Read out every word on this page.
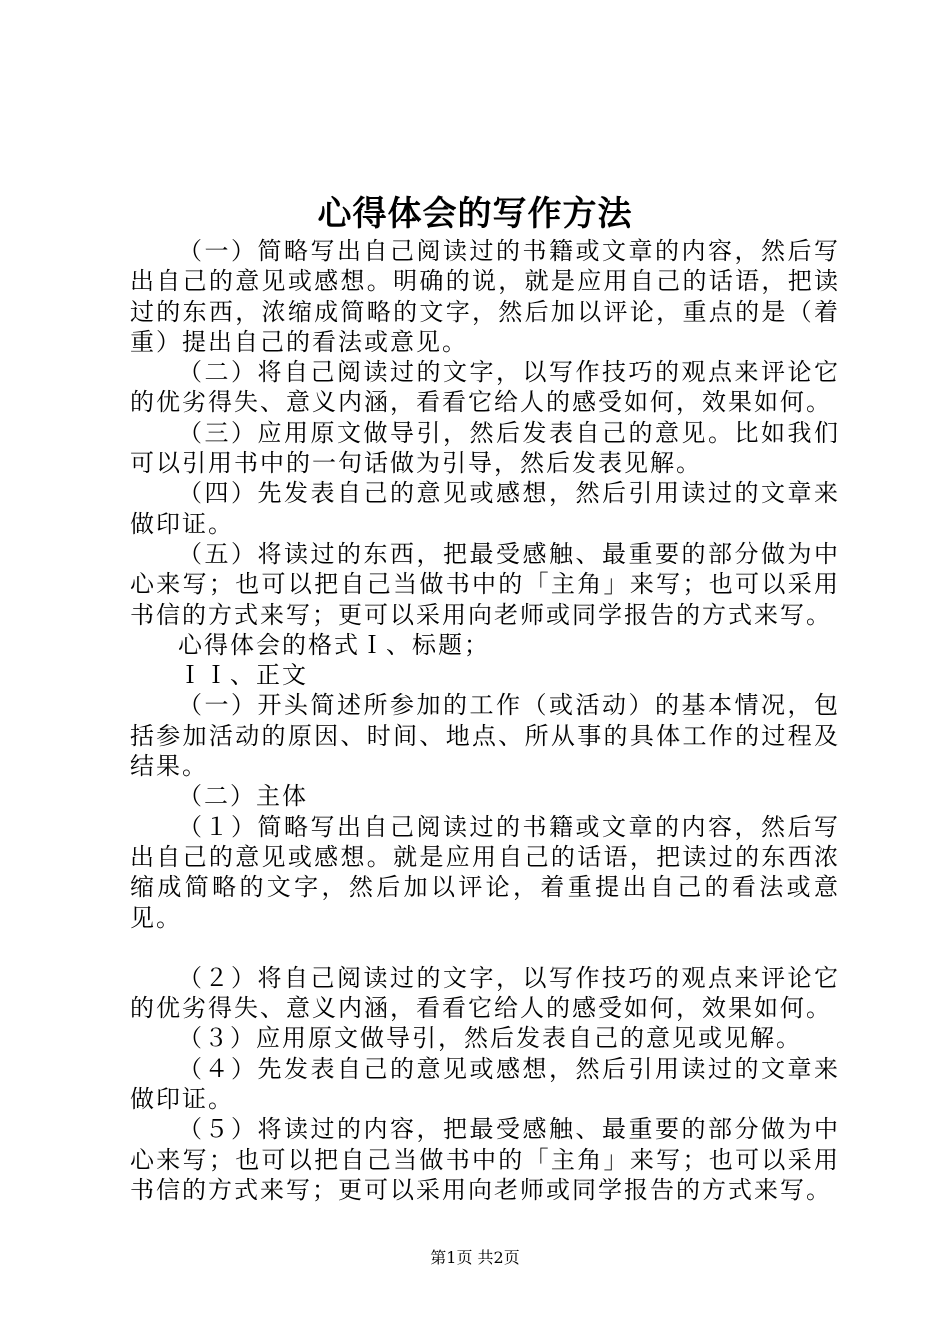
心得体会的写作方法

（一）简略写出自己阅读过的书籍或文章的内容，然后写出自己的意见或感想。明确的说，就是应用自己的话语，把读过的东西，浓缩成简略的文字，然后加以评论，重点的是（着重）提出自己的看法或意见。

（二）将自己阅读过的文字，以写作技巧的观点来评论它的优劣得失、意义内涵，看看它给人的感受如何，效果如何。

（三）应用原文做导引，然后发表自己的意见。比如我们可以引用书中的一句话做为引导，然后发表见解。

（四）先发表自己的意见或感想，然后引用读过的文章来做印证。

（五）将读过的东西，把最受感触、最重要的部分做为中心来写；也可以把自己当做书中的「主角」来写；也可以采用书信的方式来写；更可以采用向老师或同学报告的方式来写。

心得体会的格式Ｉ、标题；

ＩＩ、正文

（一）开头简述所参加的工作（或活动）的基本情况，包括参加活动的原因、时间、地点、所从事的具体工作的过程及结果。

（二）主体

（１）简略写出自己阅读过的书籍或文章的内容，然后写出自己的意见或感想。就是应用自己的话语，把读过的东西浓缩成简略的文字，然后加以评论，着重提出自己的看法或意见。

（２）将自己阅读过的文字，以写作技巧的观点来评论它的优劣得失、意义内涵，看看它给人的感受如何，效果如何。

（３）应用原文做导引，然后发表自己的意见或见解。

（４）先发表自己的意见或感想，然后引用读过的文章来做印证。

（５）将读过的内容，把最受感触、最重要的部分做为中心来写；也可以把自己当做书中的「主角」来写；也可以采用书信的方式来写；更可以采用向老师或同学报告的方式来写。

第1页 共2页
